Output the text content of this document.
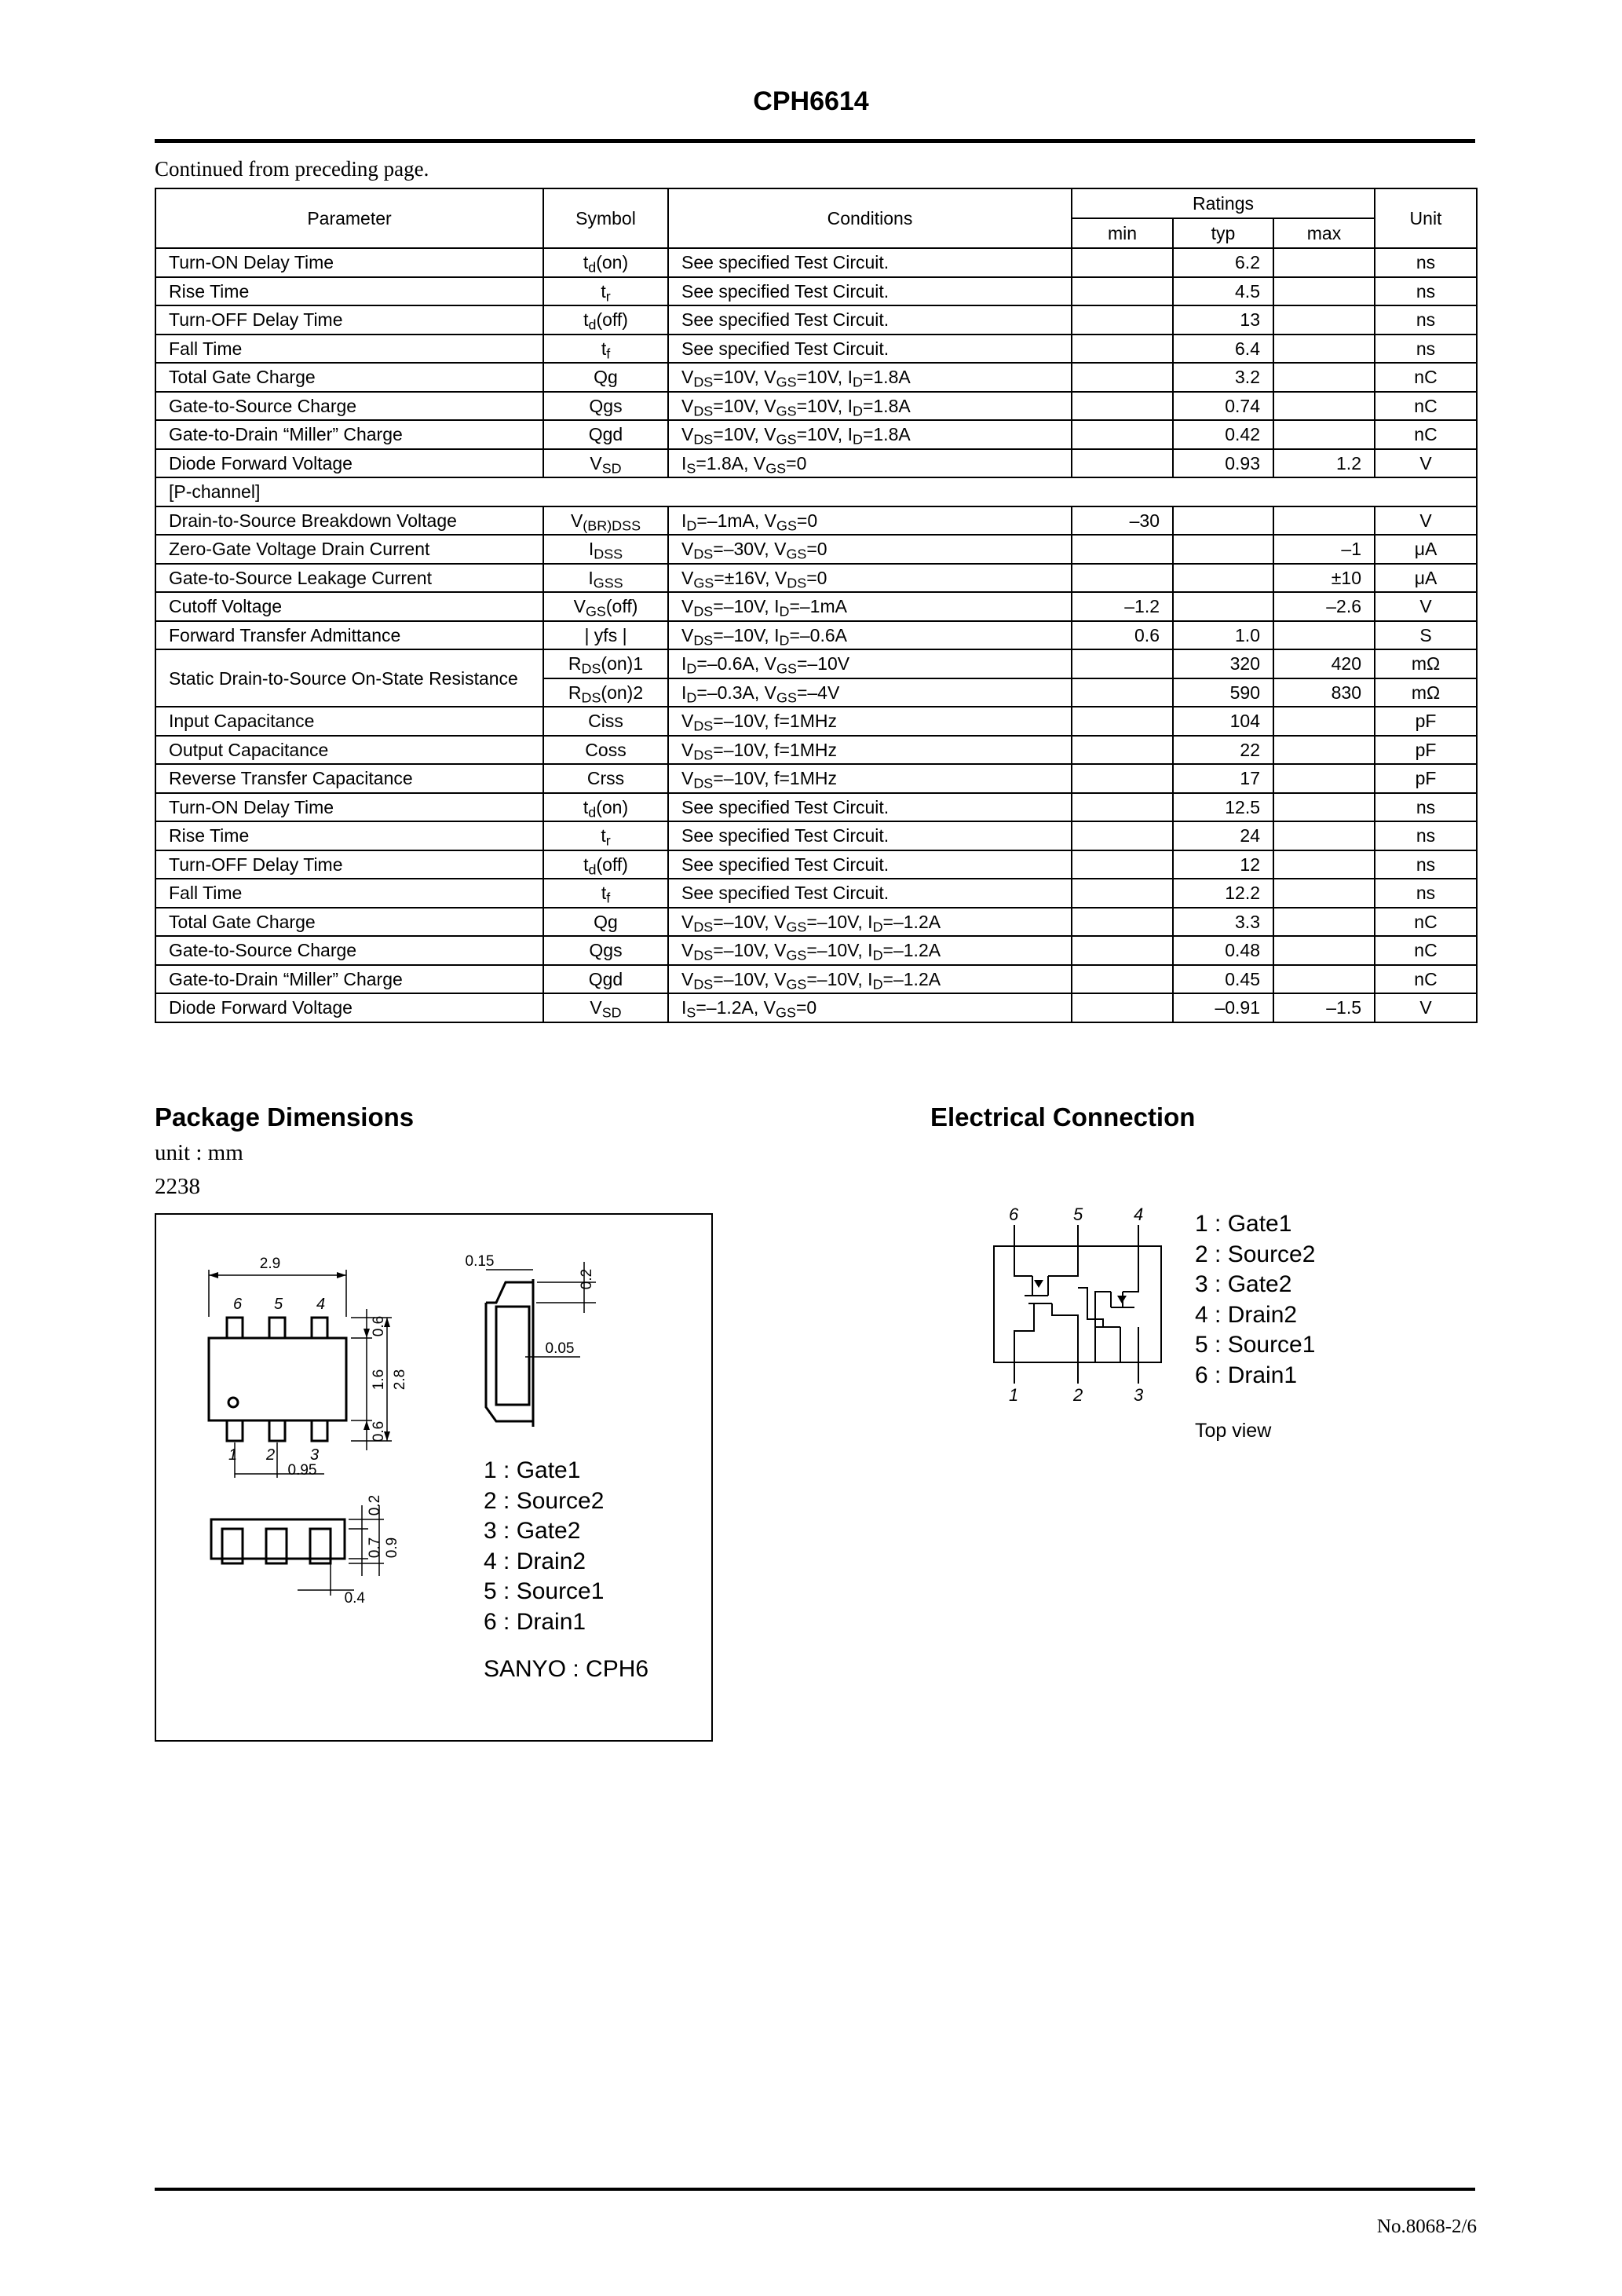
CPH6614
Continued from preceding page.
Parameter	Symbol	Conditions	Ratings			Unit
			min	typ	max	
Turn-ON Delay Time	$t_d(on)$	See specified Test Circuit.		6.2		ns
Rise Time	$t_r$	See specified Test Circuit.		4.5		ns
Turn-OFF Delay Time	$t_d(off)$	See specified Test Circuit.		13		ns
Fall Time	$t_f$	See specified Test Circuit.		6.4		ns
Total Gate Charge	Qg	$V_{DS}=10V$, $V_{GS}=10V$, $I_D=1.8A$		3.2		nC
Gate-to-Source Charge	Qgs	$V_{DS}=10V$, $V_{GS}=10V$, $I_D=1.8A$		0.74		nC
Gate-to-Drain “Miller” Charge	Qgd	$V_{DS}=10V$, $V_{GS}=10V$, $I_D=1.8A$		0.42		nC
Diode Forward Voltage	$V_{SD}$	$I_S=1.8A$, $V_{GS}=0$		0.93	1.2	V
[P-channel]						
Drain-to-Source Breakdown Voltage	$V_{(BR)DSS}$	$I_D=-1mA$, $V_{GS}=0$	–30			V
Zero-Gate Voltage Drain Current	$I_{DSS}$	$V_{DS}=-30V$, $V_{GS}=0$			–1	μA
Gate-to-Source Leakage Current	$I_{GSS}$	$V_{GS}=\pm 16V$, $V_{DS}=0$			±10	μA
Cutoff Voltage	$V_{GS}(off)$	$V_{DS}=-10V$, $I_D=-1mA$	–1.2		–2.6	V
Forward Transfer Admittance	| yfs |	$V_{DS}=-10V$, $I_D=-0.6A$	0.6	1.0		S
Static Drain-to-Source On-State Resistance	$R_{DS}(on)1$	$I_D=-0.6A$, $V_{GS}=-10V$		320	420	mΩ
	$R_{DS}(on)2$	$I_D=-0.3A$, $V_{GS}=-4V$		590	830	mΩ
Input Capacitance	Ciss	$V_{DS}=-10V$, f=1MHz		104		pF
Output Capacitance	Coss	$V_{DS}=-10V$, f=1MHz		22		pF
Reverse Transfer Capacitance	Crss	$V_{DS}=-10V$, f=1MHz		17		pF
Turn-ON Delay Time	$t_d(on)$	See specified Test Circuit.		12.5		ns
Rise Time	$t_r$	See specified Test Circuit.		24		ns
Turn-OFF Delay Time	$t_d(off)$	See specified Test Circuit.		12		ns
Fall Time	$t_f$	See specified Test Circuit.		12.2		ns
Total Gate Charge	Qg	$V_{DS}=-10V$, $V_{GS}=-10V$, $I_D=-1.2A$		3.3		nC
Gate-to-Source Charge	Qgs	$V_{DS}=-10V$, $V_{GS}=-10V$, $I_D=-1.2A$		0.48		nC
Gate-to-Drain “Miller” Charge	Qgd	$V_{DS}=-10V$, $V_{GS}=-10V$, $I_D=-1.2A$		0.45		nC
Diode Forward Voltage	$V_{SD}$	$I_S=-1.2A$, $V_{GS}=0$		–0.91	–1.5	V
Package Dimensions
unit : mm
2238
2.9	0.15
0.2
0.05
0.6
1.6
0.6
2.8
0.95
0.2
0.7 0.9
0.4
6 5 4
1 2 3
1 : Gate1
2 : Source2
3 : Gate2
4 : Drain2
5 : Source1
6 : Drain1
SANYO : CPH6
Electrical Connection
6	5	4
1	2	3
1 : Gate1
2 : Source2
3 : Gate2
4 : Drain2
5 : Source1
6 : Drain1
Top view
No.8068-2/6
